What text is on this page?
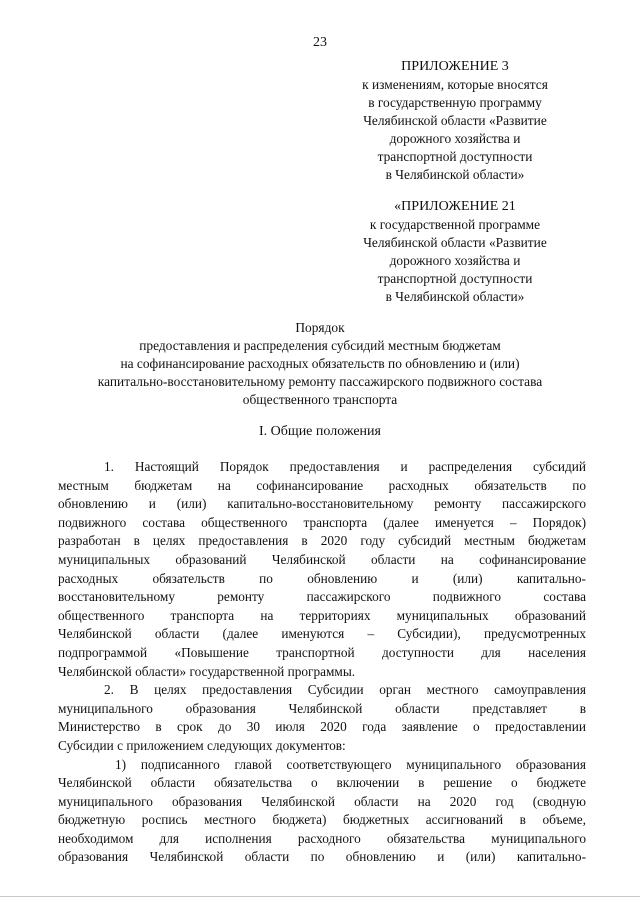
23
ПРИЛОЖЕНИЕ 3
к изменениям, которые вносятся
в государственную программу
Челябинской области «Развитие
дорожного хозяйства и
транспортной доступности
в Челябинской области»
«ПРИЛОЖЕНИЕ 21
к государственной программе
Челябинской области «Развитие
дорожного хозяйства и
транспортной доступности
в Челябинской области»
Порядок
предоставления и распределения субсидий местным бюджетам
на софинансирование расходных обязательств по обновлению и (или)
капитально-восстановительному ремонту пассажирского подвижного состава
общественного транспорта
I. Общие положения
1. Настоящий Порядок предоставления и распределения субсидий
местным бюджетам на софинансирование расходных обязательств по
обновлению и (или) капитально-восстановительному ремонту пассажирского
подвижного состава общественного транспорта (далее именуется – Порядок)
разработан в целях предоставления в 2020 году субсидий местным бюджетам
муниципальных образований Челябинской области на софинансирование
расходных обязательств по обновлению и (или) капитально-
восстановительному ремонту пассажирского подвижного состава
общественного транспорта на территориях муниципальных образований
Челябинской области (далее именуются – Субсидии), предусмотренных
подпрограммой «Повышение транспортной доступности для населения
Челябинской области» государственной программы.
2. В целях предоставления Субсидии орган местного самоуправления
муниципального образования Челябинской области представляет в
Министерство в срок до 30 июля 2020 года заявление о предоставлении
Субсидии с приложением следующих документов:
1) подписанного главой соответствующего муниципального образования
Челябинской области обязательства о включении в решение о бюджете
муниципального образования Челябинской области на 2020 год (сводную
бюджетную роспись местного бюджета) бюджетных ассигнований в объеме,
необходимом для исполнения расходного обязательства муниципального
образования Челябинской области по обновлению и (или) капитально-
